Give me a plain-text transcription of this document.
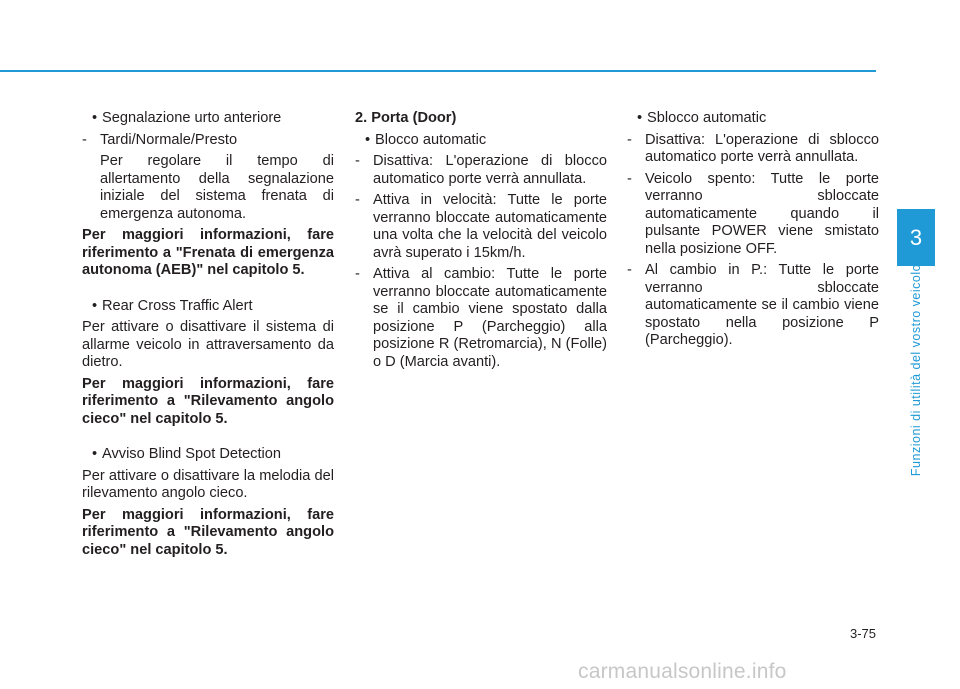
• Segnalazione urto anteriore

- Tardi/Normale/Presto

Per regolare il tempo di allertamento della segnalazione iniziale del sistema frenata di emergenza autonoma.

Per maggiori informazioni, fare riferimento a "Frenata di emergenza autonoma (AEB)" nel capitolo 5.

• Rear Cross Traffic Alert

Per attivare o disattivare il sistema di allarme veicolo in attraversamento da dietro.

Per maggiori informazioni, fare riferimento a "Rilevamento angolo cieco" nel capitolo 5.

• Avviso Blind Spot Detection

Per attivare o disattivare la melodia del rilevamento angolo cieco.

Per maggiori informazioni, fare riferimento a "Rilevamento angolo cieco" nel capitolo 5.

2. Porta (Door)

• Blocco automatic

- Disattiva: L'operazione di blocco automatico porte verrà annullata.

- Attiva in velocità: Tutte le porte verranno bloccate automaticamente una volta che la velocità del veicolo avrà superato i 15km/h.

- Attiva al cambio: Tutte le porte verranno bloccate automaticamente se il cambio viene spostato dalla posizione P (Parcheggio) alla posizione R (Retromarcia), N (Folle) o D (Marcia avanti).

• Sblocco automatic

- Disattiva: L'operazione di sblocco automatico porte verrà annullata.

- Veicolo spento: Tutte le porte verranno sbloccate automaticamente quando il pulsante POWER viene smistato nella posizione OFF.

- Al cambio in P.: Tutte le porte verranno sbloccate automaticamente se il cambio viene spostato nella posizione P (Parcheggio).

3
Funzioni di utilità del vostro veicolo
3-75
carmanualsonline.info
